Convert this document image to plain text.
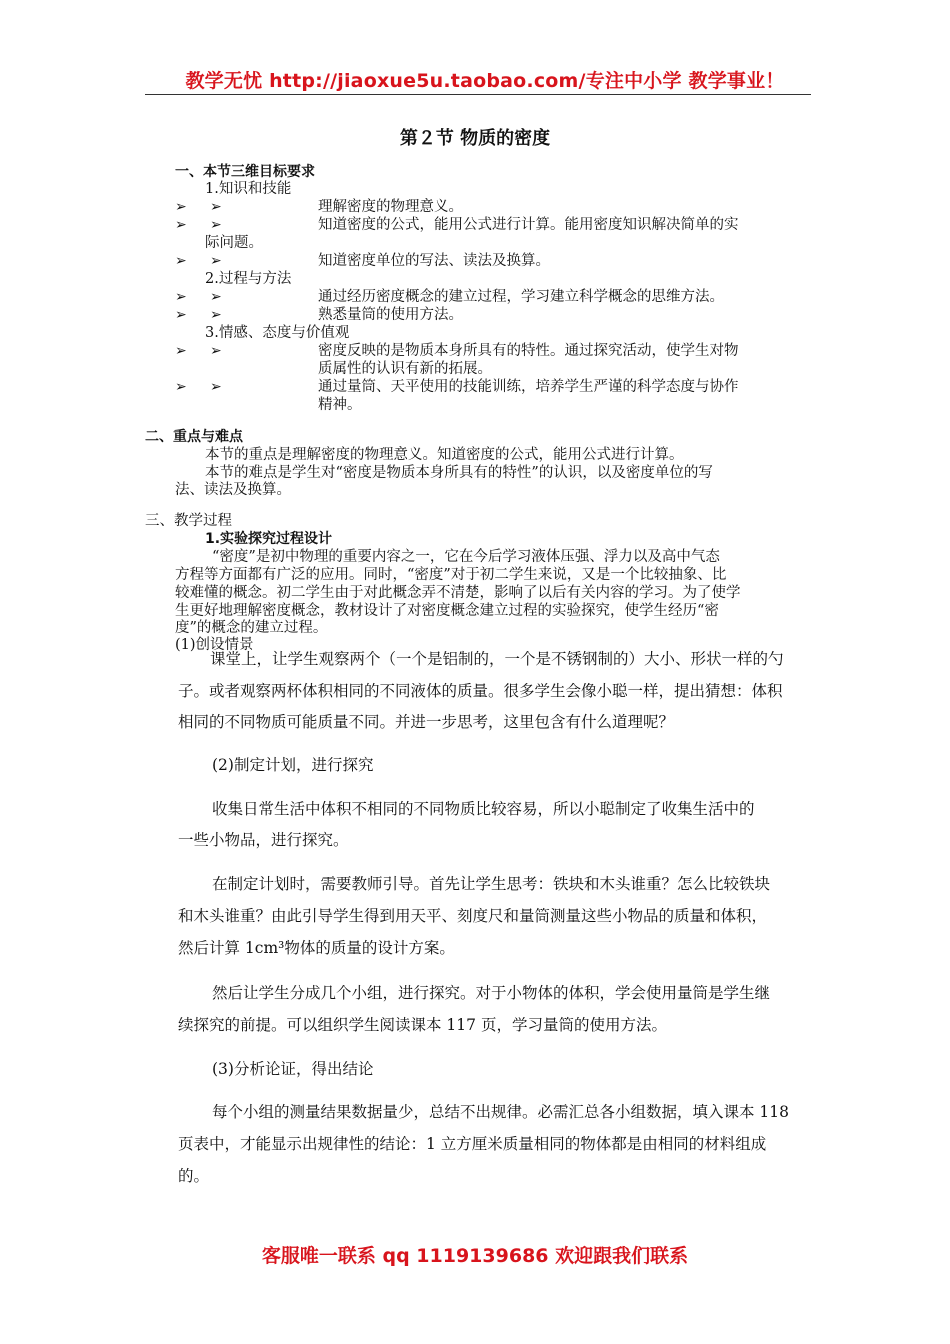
教学无忧 http://jiaoxue5u.taobao.com/专注中小学 教学事业！
第２节 物质的密度
一、本节三维目标要求
1.知识和技能
➢ ➢	理解密度的物理意义。
➢ ➢	知道密度的公式，能用公式进行计算。能用密度知识解决简单的实
际问题。
➢ ➢	知道密度单位的写法、读法及换算。
2.过程与方法
➢ ➢	通过经历密度概念的建立过程，学习建立科学概念的思维方法。
➢ ➢	熟悉量筒的使用方法。
3.情感、态度与价值观
➢ ➢	密度反映的是物质本身所具有的特性。通过探究活动，使学生对物
质属性的认识有新的拓展。
➢ ➢	通过量筒、天平使用的技能训练，培养学生严谨的科学态度与协作
精神。
二、重点与难点
本节的重点是理解密度的物理意义。知道密度的公式，能用公式进行计算。
本节的难点是学生对“密度是物质本身所具有的特性”的认识，以及密度单位的写
法、读法及换算。
三、教学过程
1.实验探究过程设计
“密度”是初中物理的重要内容之一，它在今后学习液体压强、浮力以及高中气态
方程等方面都有广泛的应用。同时，“密度”对于初二学生来说，又是一个比较抽象、比
较难懂的概念。初二学生由于对此概念弄不清楚，影响了以后有关内容的学习。为了使学
生更好地理解密度概念，教材设计了对密度概念建立过程的实验探究，使学生经历“密
度”的概念的建立过程。
(1)创设情景
课堂上，让学生观察两个（一个是铝制的，一个是不锈钢制的）大小、形状一样的勺
子。或者观察两杯体积相同的不同液体的质量。很多学生会像小聪一样，提出猜想：体积
相同的不同物质可能质量不同。并进一步思考，这里包含有什么道理呢？
(2)制定计划，进行探究
收集日常生活中体积不相同的不同物质比较容易，所以小聪制定了收集生活中的
一些小物品，进行探究。
在制定计划时，需要教师引导。首先让学生思考：铁块和木头谁重？怎么比较铁块
和木头谁重？由此引导学生得到用天平、刻度尺和量筒测量这些小物品的质量和体积，
然后计算 1cm³物体的质量的设计方案。
然后让学生分成几个小组，进行探究。对于小物体的体积，学会使用量筒是学生继
续探究的前提。可以组织学生阅读课本 117 页，学习量筒的使用方法。
(3)分析论证，得出结论
每个小组的测量结果数据量少，总结不出规律。必需汇总各小组数据，填入课本 118
页表中，才能显示出规律性的结论：1 立方厘米质量相同的物体都是由相同的材料组成
的。
客服唯一联系 qq 1119139686 欢迎跟我们联系
